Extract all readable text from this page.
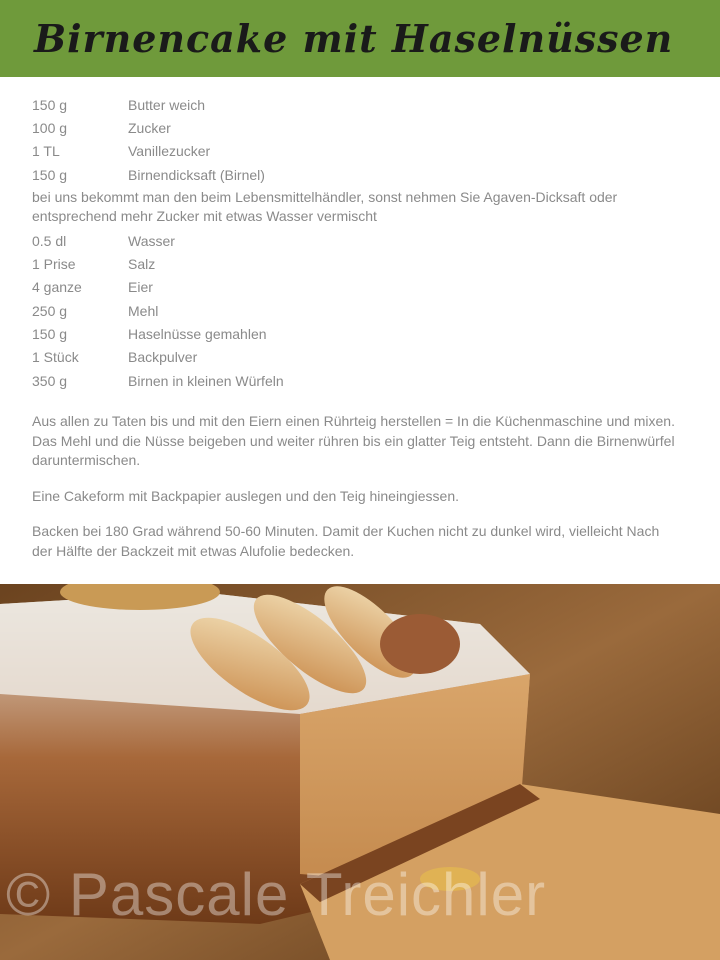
Birnencake mit Haselnüssen
150 g	Butter weich
100 g	Zucker
1 TL	Vanillezucker
150 g	Birnendicksaft (Birnel)

bei uns bekommt man den beim Lebensmittelhändler, sonst nehmen Sie Agaven-Dicksaft oder entsprechend mehr Zucker mit etwas Wasser vermischt

0.5 dl	Wasser
1 Prise	Salz
4 ganze	Eier
250 g	Mehl
150 g	Haselnüsse gemahlen
1 Stück	Backpulver
350 g	Birnen in kleinen Würfeln

Aus allen zu Taten bis und mit den Eiern einen Rührteig herstellen = In die Küchenmaschine und mixen. Das Mehl und die Nüsse beigeben und weiter rühren bis ein glatter Teig entsteht. Dann die Birnenwürfel daruntermischen.

Eine Cakeform mit Backpapier auslegen und den Teig hineingiessen.

Backen bei 180 Grad während 50-60 Minuten. Damit der Kuchen nicht zu dunkel wird, vielleicht Nach der Hälfte der Backzeit mit etwas Alufolie bedecken.

© Pascale Treichler
